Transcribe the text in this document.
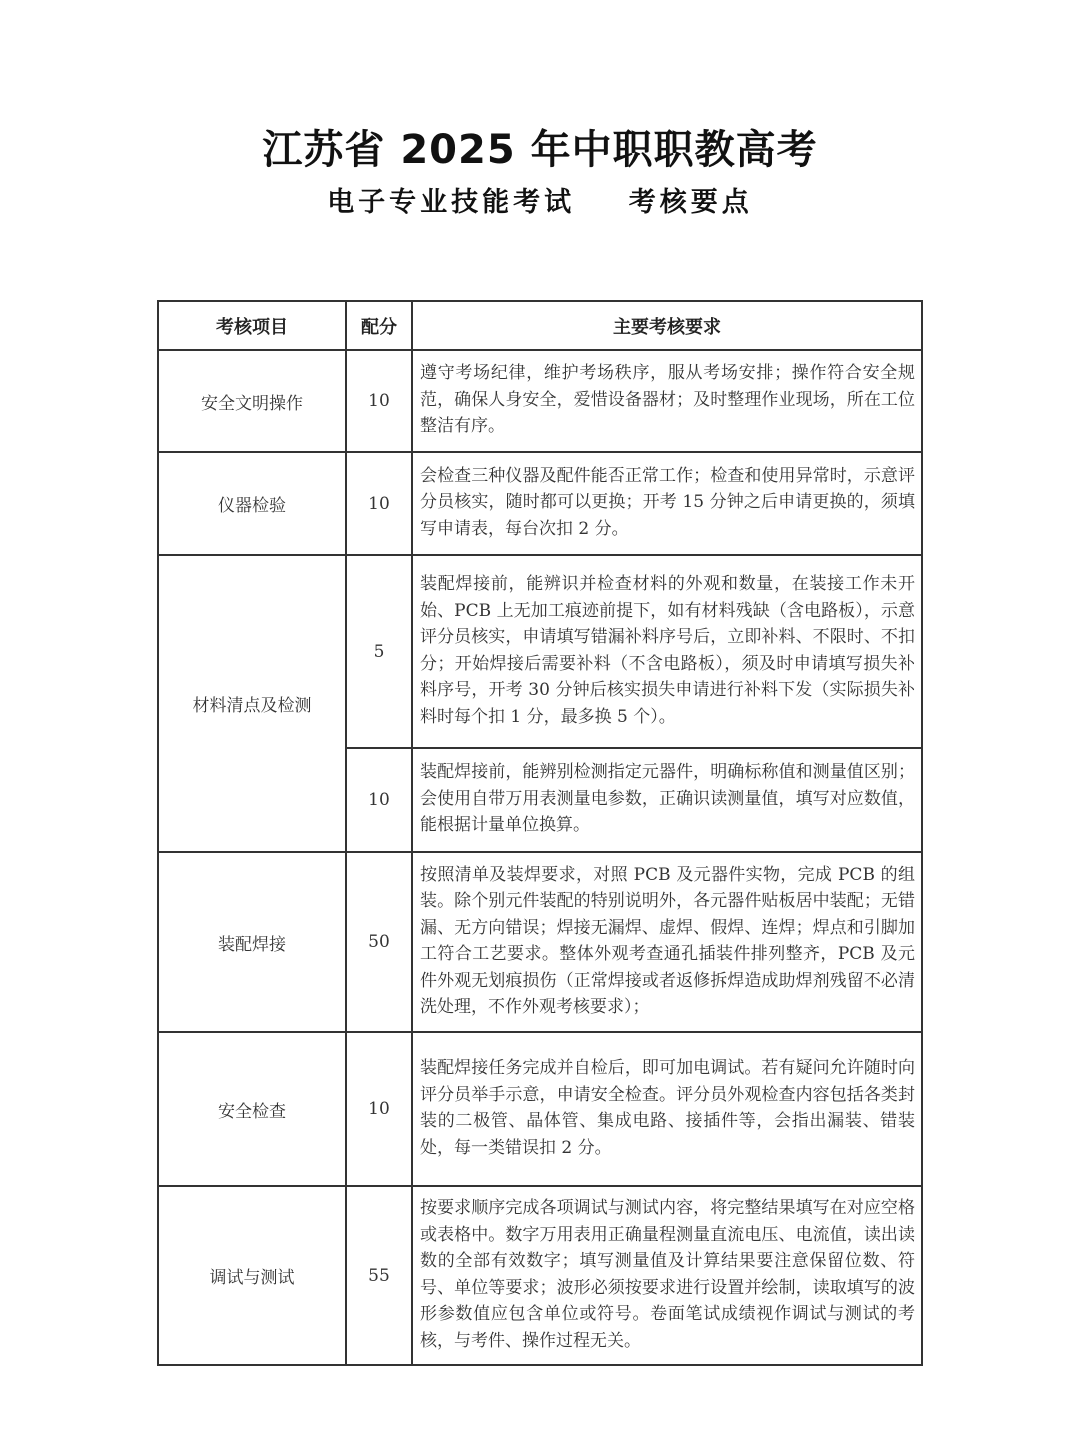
江苏省 2025 年中职职教高考
电子专业技能考试    考核要点
考核项目	配分	主要考核要求
安全文明操作	10	遵守考场纪律，维护考场秩序，服从考场安排；操作符合安全规范，确保人身安全，爱惜设备器材；及时整理作业现场，所在工位整洁有序。
仪器检验	10	会检查三种仪器及配件能否正常工作；检查和使用异常时，示意评分员核实，随时都可以更换；开考 15 分钟之后申请更换的，须填写申请表，每台次扣 2 分。
材料清点及检测	5	装配焊接前，能辨识并检查材料的外观和数量，在装接工作未开始、PCB 上无加工痕迹前提下，如有材料残缺（含电路板），示意评分员核实，申请填写错漏补料序号后，立即补料、不限时、不扣分；开始焊接后需要补料（不含电路板），须及时申请填写损失补料序号，开考 30 分钟后核实损失申请进行补料下发（实际损失补料时每个扣 1 分，最多换 5 个）。
	10	装配焊接前，能辨别检测指定元器件，明确标称值和测量值区别；会使用自带万用表测量电参数，正确识读测量值，填写对应数值，能根据计量单位换算。
装配焊接	50	按照清单及装焊要求，对照 PCB 及元器件实物，完成 PCB 的组装。除个别元件装配的特别说明外，各元器件贴板居中装配；无错漏、无方向错误；焊接无漏焊、虚焊、假焊、连焊；焊点和引脚加工符合工艺要求。整体外观考查通孔插装件排列整齐，PCB 及元件外观无划痕损伤（正常焊接或者返修拆焊造成助焊剂残留不必清洗处理，不作外观考核要求）；
安全检查	10	装配焊接任务完成并自检后，即可加电调试。若有疑问允许随时向评分员举手示意，申请安全检查。评分员外观检查内容包括各类封装的二极管、晶体管、集成电路、接插件等，会指出漏装、错装处，每一类错误扣 2 分。
调试与测试	55	按要求顺序完成各项调试与测试内容，将完整结果填写在对应空格或表格中。数字万用表用正确量程测量直流电压、电流值，读出读数的全部有效数字；填写测量值及计算结果要注意保留位数、符号、单位等要求；波形必须按要求进行设置并绘制，读取填写的波形参数值应包含单位或符号。卷面笔试成绩视作调试与测试的考核，与考件、操作过程无关。
